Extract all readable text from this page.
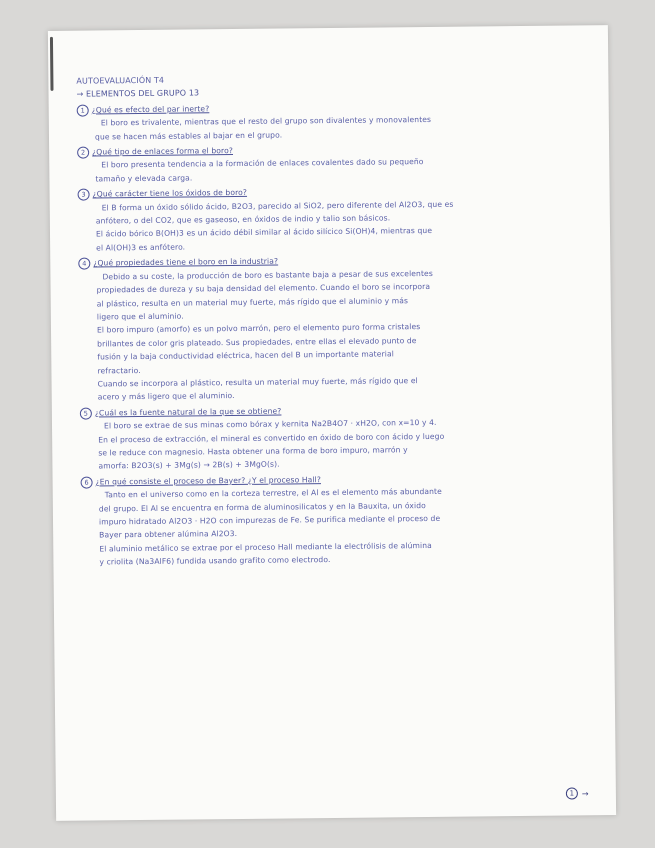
AUTOEVALUACIÓN T4

→ ELEMENTOS DEL GRUPO 13

1 ¿Qué es efecto del par inerte?

El boro es trivalente, mientras que el resto del grupo son divalentes y monovalentes

que se hacen más estables al bajar en el grupo.

2 ¿Qué tipo de enlaces forma el boro?

El boro presenta tendencia a la formación de enlaces covalentes dado su pequeño

tamaño y elevada carga.

3 ¿Qué carácter tiene los óxidos de boro?

El B forma un óxido sólido ácido, B2O3, parecido al SiO2, pero diferente del Al2O3, que es

anfótero, o del CO2, que es gaseoso, en óxidos de indio y talio son básicos.

El ácido bórico B(OH)3 es un ácido débil similar al ácido silícico Si(OH)4, mientras que

el Al(OH)3 es anfótero.

4 ¿Qué propiedades tiene el boro en la industria?

Debido a su coste, la producción de boro es bastante baja a pesar de sus excelentes

propiedades de dureza y su baja densidad del elemento. Cuando el boro se incorpora

al plástico, resulta en un material muy fuerte, más rígido que el aluminio y más

ligero que el aluminio.

El boro impuro (amorfo) es un polvo marrón, pero el elemento puro forma cristales

brillantes de color gris plateado. Sus propiedades, entre ellas el elevado punto de

fusión y la baja conductividad eléctrica, hacen del B un importante material

refractario.

Cuando se incorpora al plástico, resulta un material muy fuerte, más rígido que el

acero y más ligero que el aluminio.

5 ¿Cuál es la fuente natural de la que se obtiene?

El boro se extrae de sus minas como bórax y kernita Na2B4O7 · xH2O, con x=10 y 4.

En el proceso de extracción, el mineral es convertido en óxido de boro con ácido y luego

se le reduce con magnesio. Hasta obtener una forma de boro impuro, marrón y

amorfa: B2O3(s) + 3Mg(s) → 2B(s) + 3MgO(s).

6 ¿En qué consiste el proceso de Bayer? ¿Y el proceso Hall?

Tanto en el universo como en la corteza terrestre, el Al es el elemento más abundante

del grupo. El Al se encuentra en forma de aluminosilicatos y en la Bauxita, un óxido

impuro hidratado Al2O3 · H2O con impurezas de Fe. Se purifica mediante el proceso de

Bayer para obtener alúmina Al2O3.

El aluminio metálico se extrae por el proceso Hall mediante la electrólisis de alúmina

y criolita (Na3AlF6) fundida usando grafito como electrodo.

1 →
